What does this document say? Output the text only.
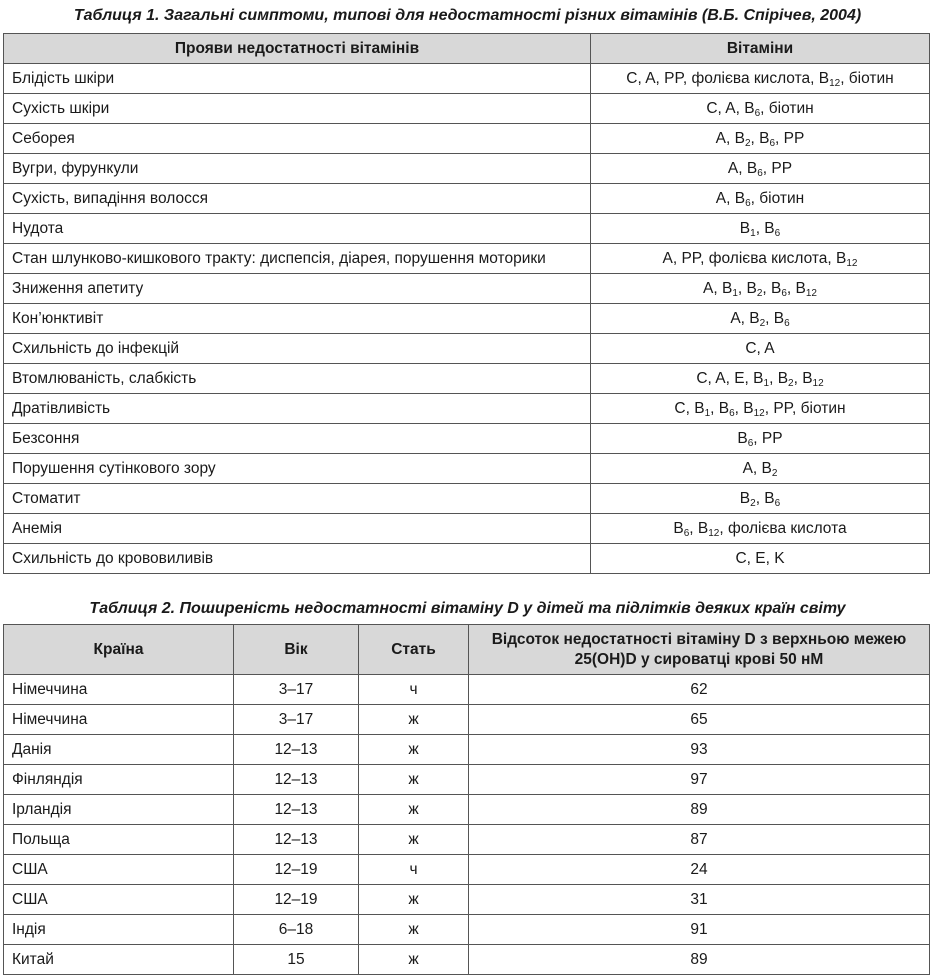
Таблиця 1. Загальні симптоми, типові для недостатності різних вітамінів (В.Б. Спірічев, 2004)
Прояви недостатності вітамінів	Вітаміни
Блідість шкіри	C, A, PP, фолієва кислота, $B_{12}$, біотин
Сухість шкіри	C, A, $B_6$, біотин
Себорея	A, $B_2$, $B_6$, PP
Вугри, фурункули	A, $B_6$, PP
Сухість, випадіння волосся	A, $B_6$, біотин
Нудота	$B_1$, $B_6$
Стан шлунково-кишкового тракту: диспепсія, діарея, порушення моторики	A, PP, фолієва кислота, $B_{12}$
Зниження апетиту	A, $B_1$, $B_2$, $B_6$, $B_{12}$
Кон’юнктивіт	A, $B_2$, $B_6$
Схильність до інфекцій	C, A
Втомлюваність, слабкість	C, A, E, $B_1$, $B_2$, $B_{12}$
Дратівливість	C, $B_1$, $B_6$, $B_{12}$, PP, біотин
Безсоння	$B_6$, PP
Порушення сутінкового зору	A, $B_2$
Стоматит	$B_2$, $B_6$
Анемія	$B_6$, $B_{12}$, фолієва кислота
Схильність до крововиливів	C, E, K
Таблиця 2. Поширеність недостатності вітаміну D у дітей та підлітків деяких країн світу
Країна	Вік	Стать	Відсоток недостатності вітаміну D з верхньою межею 25(OH)D у сироватці крові 50 нМ
Німеччина	3–17	ч	62
Німеччина	3–17	ж	65
Данія	12–13	ж	93
Фінляндія	12–13	ж	97
Ірландія	12–13	ж	89
Польща	12–13	ж	87
США	12–19	ч	24
США	12–19	ж	31
Індія	6–18	ж	91
Китай	15	ж	89
